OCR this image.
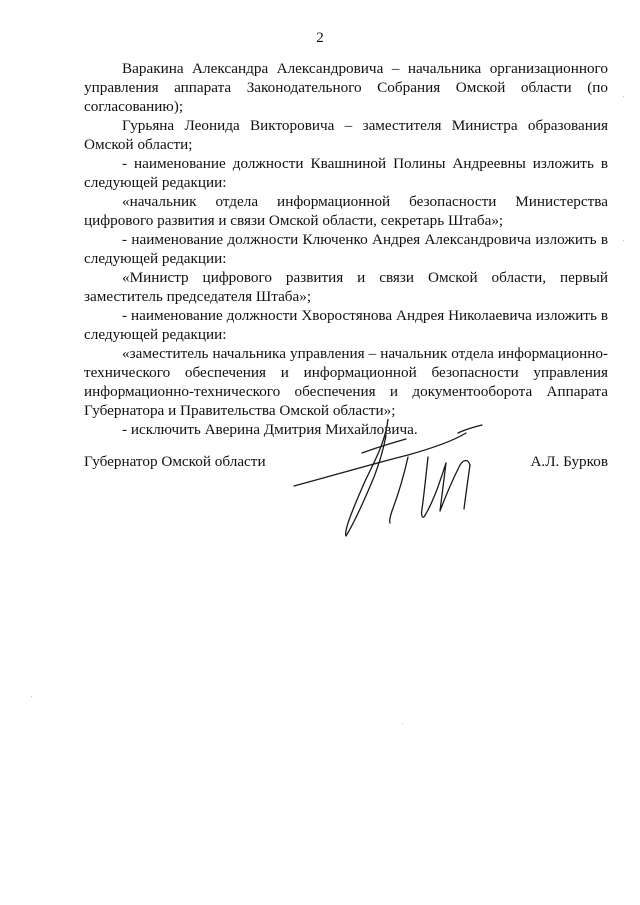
2

Варакина Александра Александровича – начальника организационного управления аппарата Законодательного Собрания Омской области (по согласованию);

Гурьяна Леонида Викторовича – заместителя Министра образования Омской области;

- наименование должности Квашниной Полины Андреевны изложить в следующей редакции:

«начальник отдела информационной безопасности Министерства цифрового развития и связи Омской области, секретарь Штаба»;

- наименование должности Ключенко Андрея Александровича изложить в следующей редакции:

«Министр цифрового развития и связи Омской области, первый заместитель председателя Штаба»;

- наименование должности Хворостянова Андрея Николаевича изложить в следующей редакции:

«заместитель начальника управления – начальник отдела информационно-технического обеспечения и информационной безопасности управления информационно-технического обеспечения и документооборота Аппарата Губернатора и Правительства Омской области»;

- исключить Аверина Дмитрия Михайловича.

Губернатор Омской области	А.Л. Бурков
